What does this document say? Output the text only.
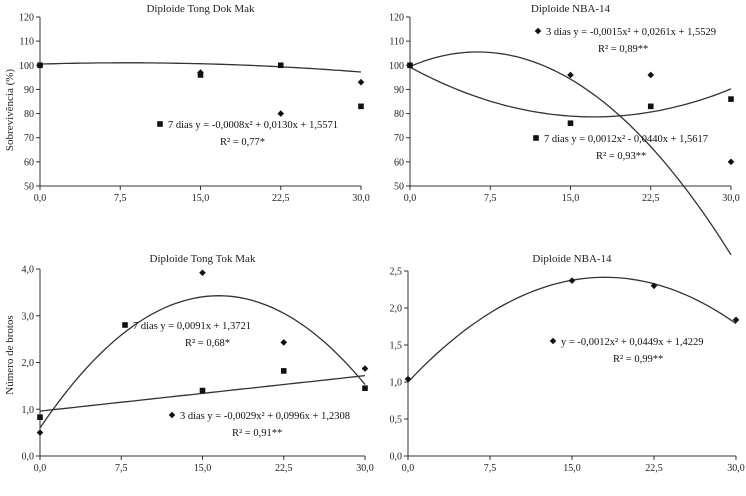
Sobrevivência (%)
Número de brotos
Diploide Tong Dok Mak
0,0	7,5	15,0	22,5	30,0
50
60
70
80
90
100
110
120
7 dias y = -0,0008x² + 0,0130x + 1,5571
R² = 0,77*
Diploide NBA-14
0,0	7,5	15,0	22,5	30,0
50
60
70
80
90
100
110
120
3 dias y = -0,0015x² + 0,0261x + 1,5529
R² = 0,89**
7 dias y = 0,0012x² - 0,0440x + 1,5617
R² = 0,93**
Diploide Tong Tok Mak
0,0	7,5	15,0	22,5	30,0
0,0
1,0
2,0
3,0
4,0
7 dias y = 0,0091x + 1,3721
R² = 0,68*
3 dias y = -0,0029x² + 0,0996x + 1,2308
R² = 0,91**
Diploide NBA-14
0,0	7,5	15,0	22,5	30,0
0,0
0,5
1,0
1,5
2,0
2,5
y = -0,0012x² + 0,0449x + 1,4229
R² = 0,99**
